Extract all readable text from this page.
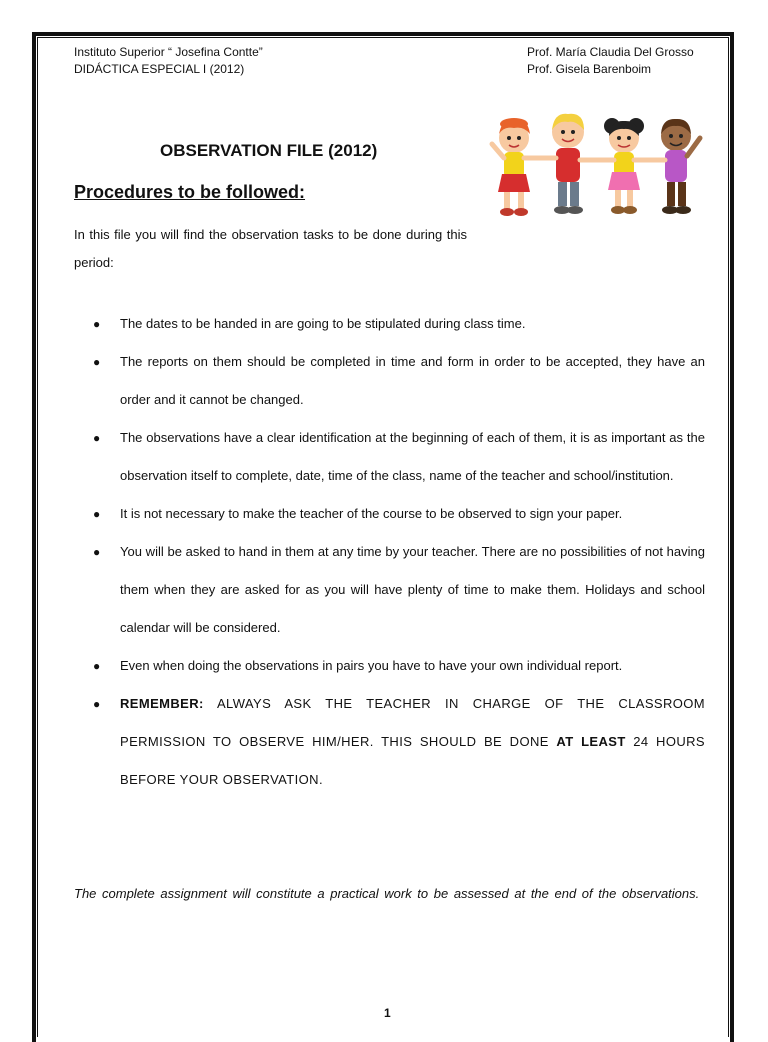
Instituto Superior “ Josefina Contte”
DIDÁCTICA ESPECIAL I (2012)
Prof. María Claudia Del Grosso
Prof. Gisela Barenboim
OBSERVATION FILE (2012)
Procedures to be followed:
In this file you will find the observation tasks to be done during this period:
● The dates to be handed in are going to be stipulated during class time.
● The reports on them should be completed in time and form in order to be accepted, they have an order and it cannot be changed.
● The observations have a clear identification at the beginning of each of them, it is as important as the observation itself to complete, date, time of the class, name of the teacher and school/institution.
● It is not necessary to make the teacher of the course to be observed to sign your paper.
● You will be asked to hand in them at any time by your teacher. There are no possibilities of not having them when they are asked for as you will have plenty of time to make them. Holidays and school calendar will be considered.
● Even when doing the observations in pairs you have to have your own individual report.
● REMEMBER: ALWAYS ASK THE TEACHER IN CHARGE OF THE CLASSROOM PERMISSION TO OBSERVE HIM/HER. THIS SHOULD BE DONE AT LEAST 24 HOURS BEFORE YOUR OBSERVATION.
The complete assignment will constitute a practical work to be assessed at the end of the observations.
1
